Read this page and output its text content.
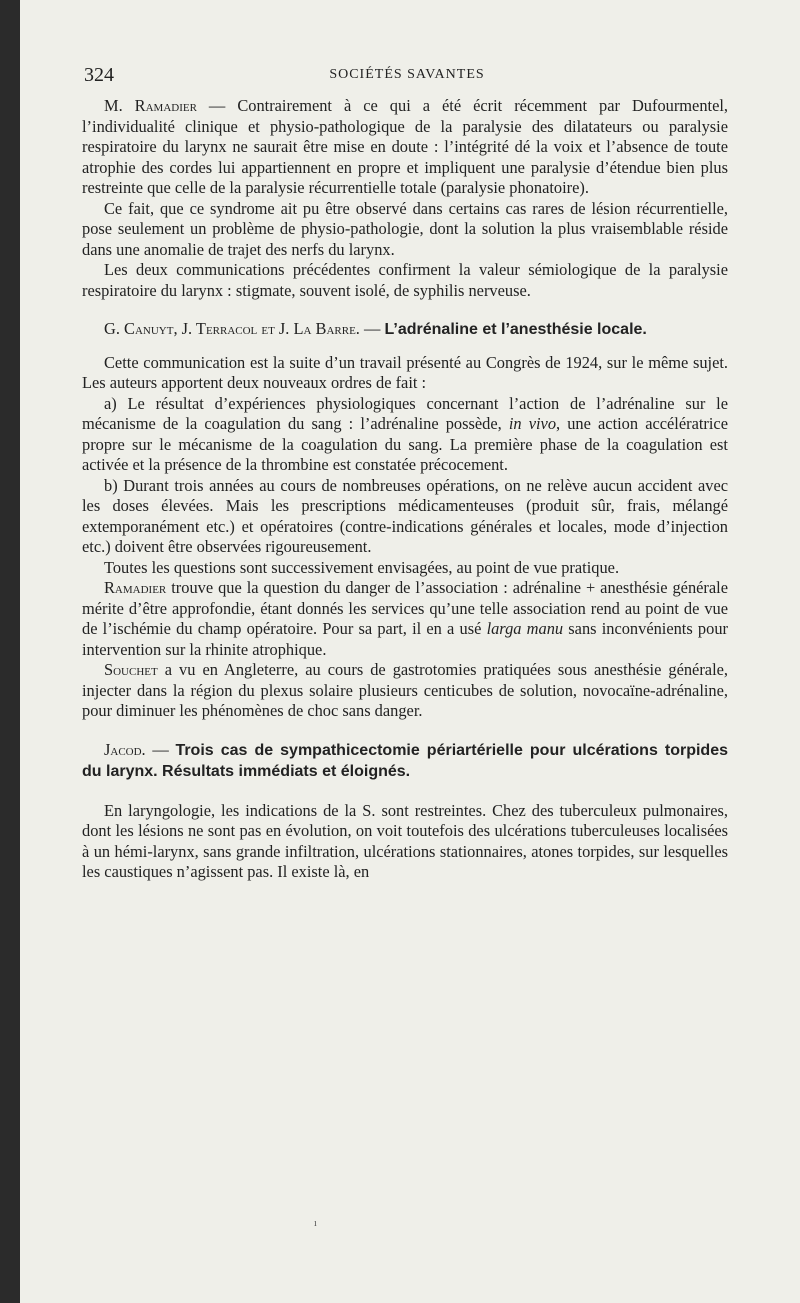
324	SOCIÉTÉS SAVANTES

M. Ramadier — Contrairement à ce qui a été écrit récemment par Dufourmentel, l’individualité clinique et physio-pathologique de la paralysie des dilatateurs ou paralysie respiratoire du larynx ne saurait être mise en doute : l’intégrité dé la voix et l’absence de toute atrophie des cordes lui appartiennent en propre et impliquent une paralysie d’étendue bien plus restreinte que celle de la paralysie récurrentielle totale (paralysie phonatoire).

Ce fait, que ce syndrome ait pu être observé dans certains cas rares de lésion récurrentielle, pose seulement un problème de physio-pathologie, dont la solution la plus vraisemblable réside dans une anomalie de trajet des nerfs du larynx.

Les deux communications précédentes confirment la valeur sémiologique de la paralysie respiratoire du larynx : stigmate, souvent isolé, de syphilis nerveuse.

G. Canuyt, J. Terracol et J. La Barre. — L’adrénaline et l’anesthésie locale.

Cette communication est la suite d’un travail présenté au Congrès de 1924, sur le même sujet. Les auteurs apportent deux nouveaux ordres de fait :

a) Le résultat d’expériences physiologiques concernant l’action de l’adrénaline sur le mécanisme de la coagulation du sang : l’adrénaline possède, in vivo, une action accélératrice propre sur le mécanisme de la coagulation du sang. La première phase de la coagulation est activée et la présence de la thrombine est constatée précocement.

b) Durant trois années au cours de nombreuses opérations, on ne relève aucun accident avec les doses élevées. Mais les prescriptions médicamenteuses (produit sûr, frais, mélangé extemporanément etc.) et opératoires (contre-indications générales et locales, mode d’injection etc.) doivent être observées rigoureusement.

Toutes les questions sont successivement envisagées, au point de vue pratique.

Ramadier trouve que la question du danger de l’association : adrénaline + anesthésie générale mérite d’être approfondie, étant donnés les services qu’une telle association rend au point de vue de l’ischémie du champ opératoire. Pour sa part, il en a usé larga manu sans inconvénients pour intervention sur la rhinite atrophique.

Souchet a vu en Angleterre, au cours de gastrotomies pratiquées sous anesthésie générale, injecter dans la région du plexus solaire plusieurs centicubes de solution, novocaïne-adrénaline, pour diminuer les phénomènes de choc sans danger.

Jacod. — Trois cas de sympathicectomie périartérielle pour ulcérations torpides du larynx. Résultats immédiats et éloignés.

En laryngologie, les indications de la S. sont restreintes. Chez des tuberculeux pulmonaires, dont les lésions ne sont pas en évolution, on voit toutefois des ulcérations tuberculeuses localisées à un hémi-larynx, sans grande infiltration, ulcérations stationnaires, atones torpides, sur lesquelles les caustiques n’agissent pas. Il existe là, en

ı
